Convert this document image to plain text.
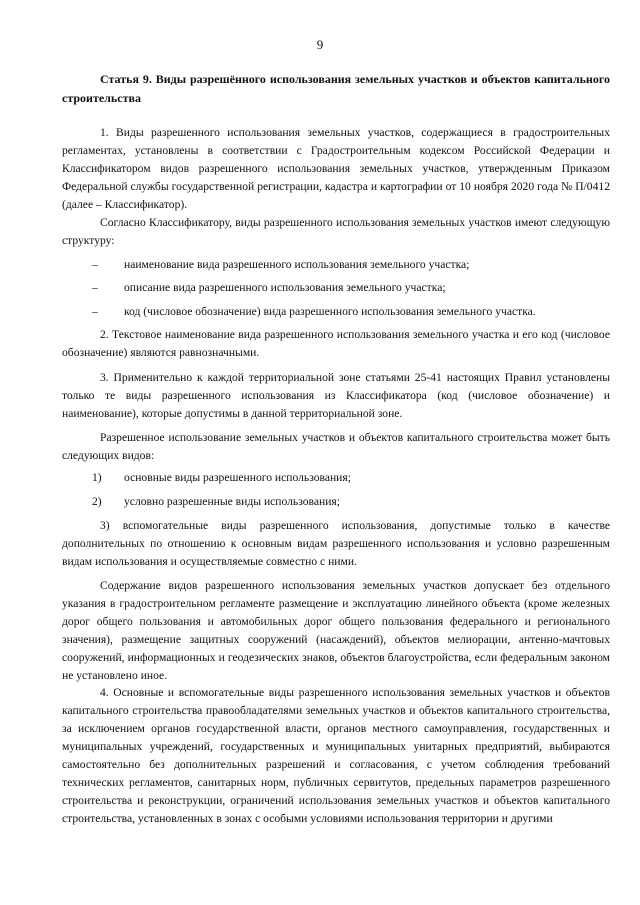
9
Статья 9. Виды разрешённого использования земельных участков и объектов капитального строительства
1. Виды разрешенного использования земельных участков, содержащиеся в градостроительных регламентах, установлены в соответствии с Градостроительным кодексом Российской Федерации и Классификатором видов разрешенного использования земельных участков, утвержденным Приказом Федеральной службы государственной регистрации, кадастра и картографии от 10 ноября 2020 года № П/0412 (далее – Классификатор).
Согласно Классификатору, виды разрешенного использования земельных участков имеют следующую структуру:
– наименование вида разрешенного использования земельного участка;
– описание вида разрешенного использования земельного участка;
– код (числовое обозначение) вида разрешенного использования земельного участка.
2. Текстовое наименование вида разрешенного использования земельного участка и его код (числовое обозначение) являются равнозначными.
3. Применительно к каждой территориальной зоне статьями 25-41 настоящих Правил установлены только те виды разрешенного использования из Классификатора (код (числовое обозначение) и наименование), которые допустимы в данной территориальной зоне.
Разрешенное использование земельных участков и объектов капитального строительства может быть следующих видов:
1) основные виды разрешенного использования;
2) условно разрешенные виды использования;
3) вспомогательные виды разрешенного использования, допустимые только в качестве дополнительных по отношению к основным видам разрешенного использования и условно разрешенным видам использования и осуществляемые совместно с ними.
Содержание видов разрешенного использования земельных участков допускает без отдельного указания в градостроительном регламенте размещение и эксплуатацию линейного объекта (кроме железных дорог общего пользования и автомобильных дорог общего пользования федерального и регионального значения), размещение защитных сооружений (насаждений), объектов мелиорации, антенно-мачтовых сооружений, информационных и геодезических знаков, объектов благоустройства, если федеральным законом не установлено иное.
4. Основные и вспомогательные виды разрешенного использования земельных участков и объектов капитального строительства правообладателями земельных участков и объектов капитального строительства, за исключением органов государственной власти, органов местного самоуправления, государственных и муниципальных учреждений, государственных и муниципальных унитарных предприятий, выбираются самостоятельно без дополнительных разрешений и согласования, с учетом соблюдения требований технических регламентов, санитарных норм, публичных сервитутов, предельных параметров разрешенного строительства и реконструкции, ограничений использования земельных участков и объектов капитального строительства, установленных в зонах с особыми условиями использования территории и другими
